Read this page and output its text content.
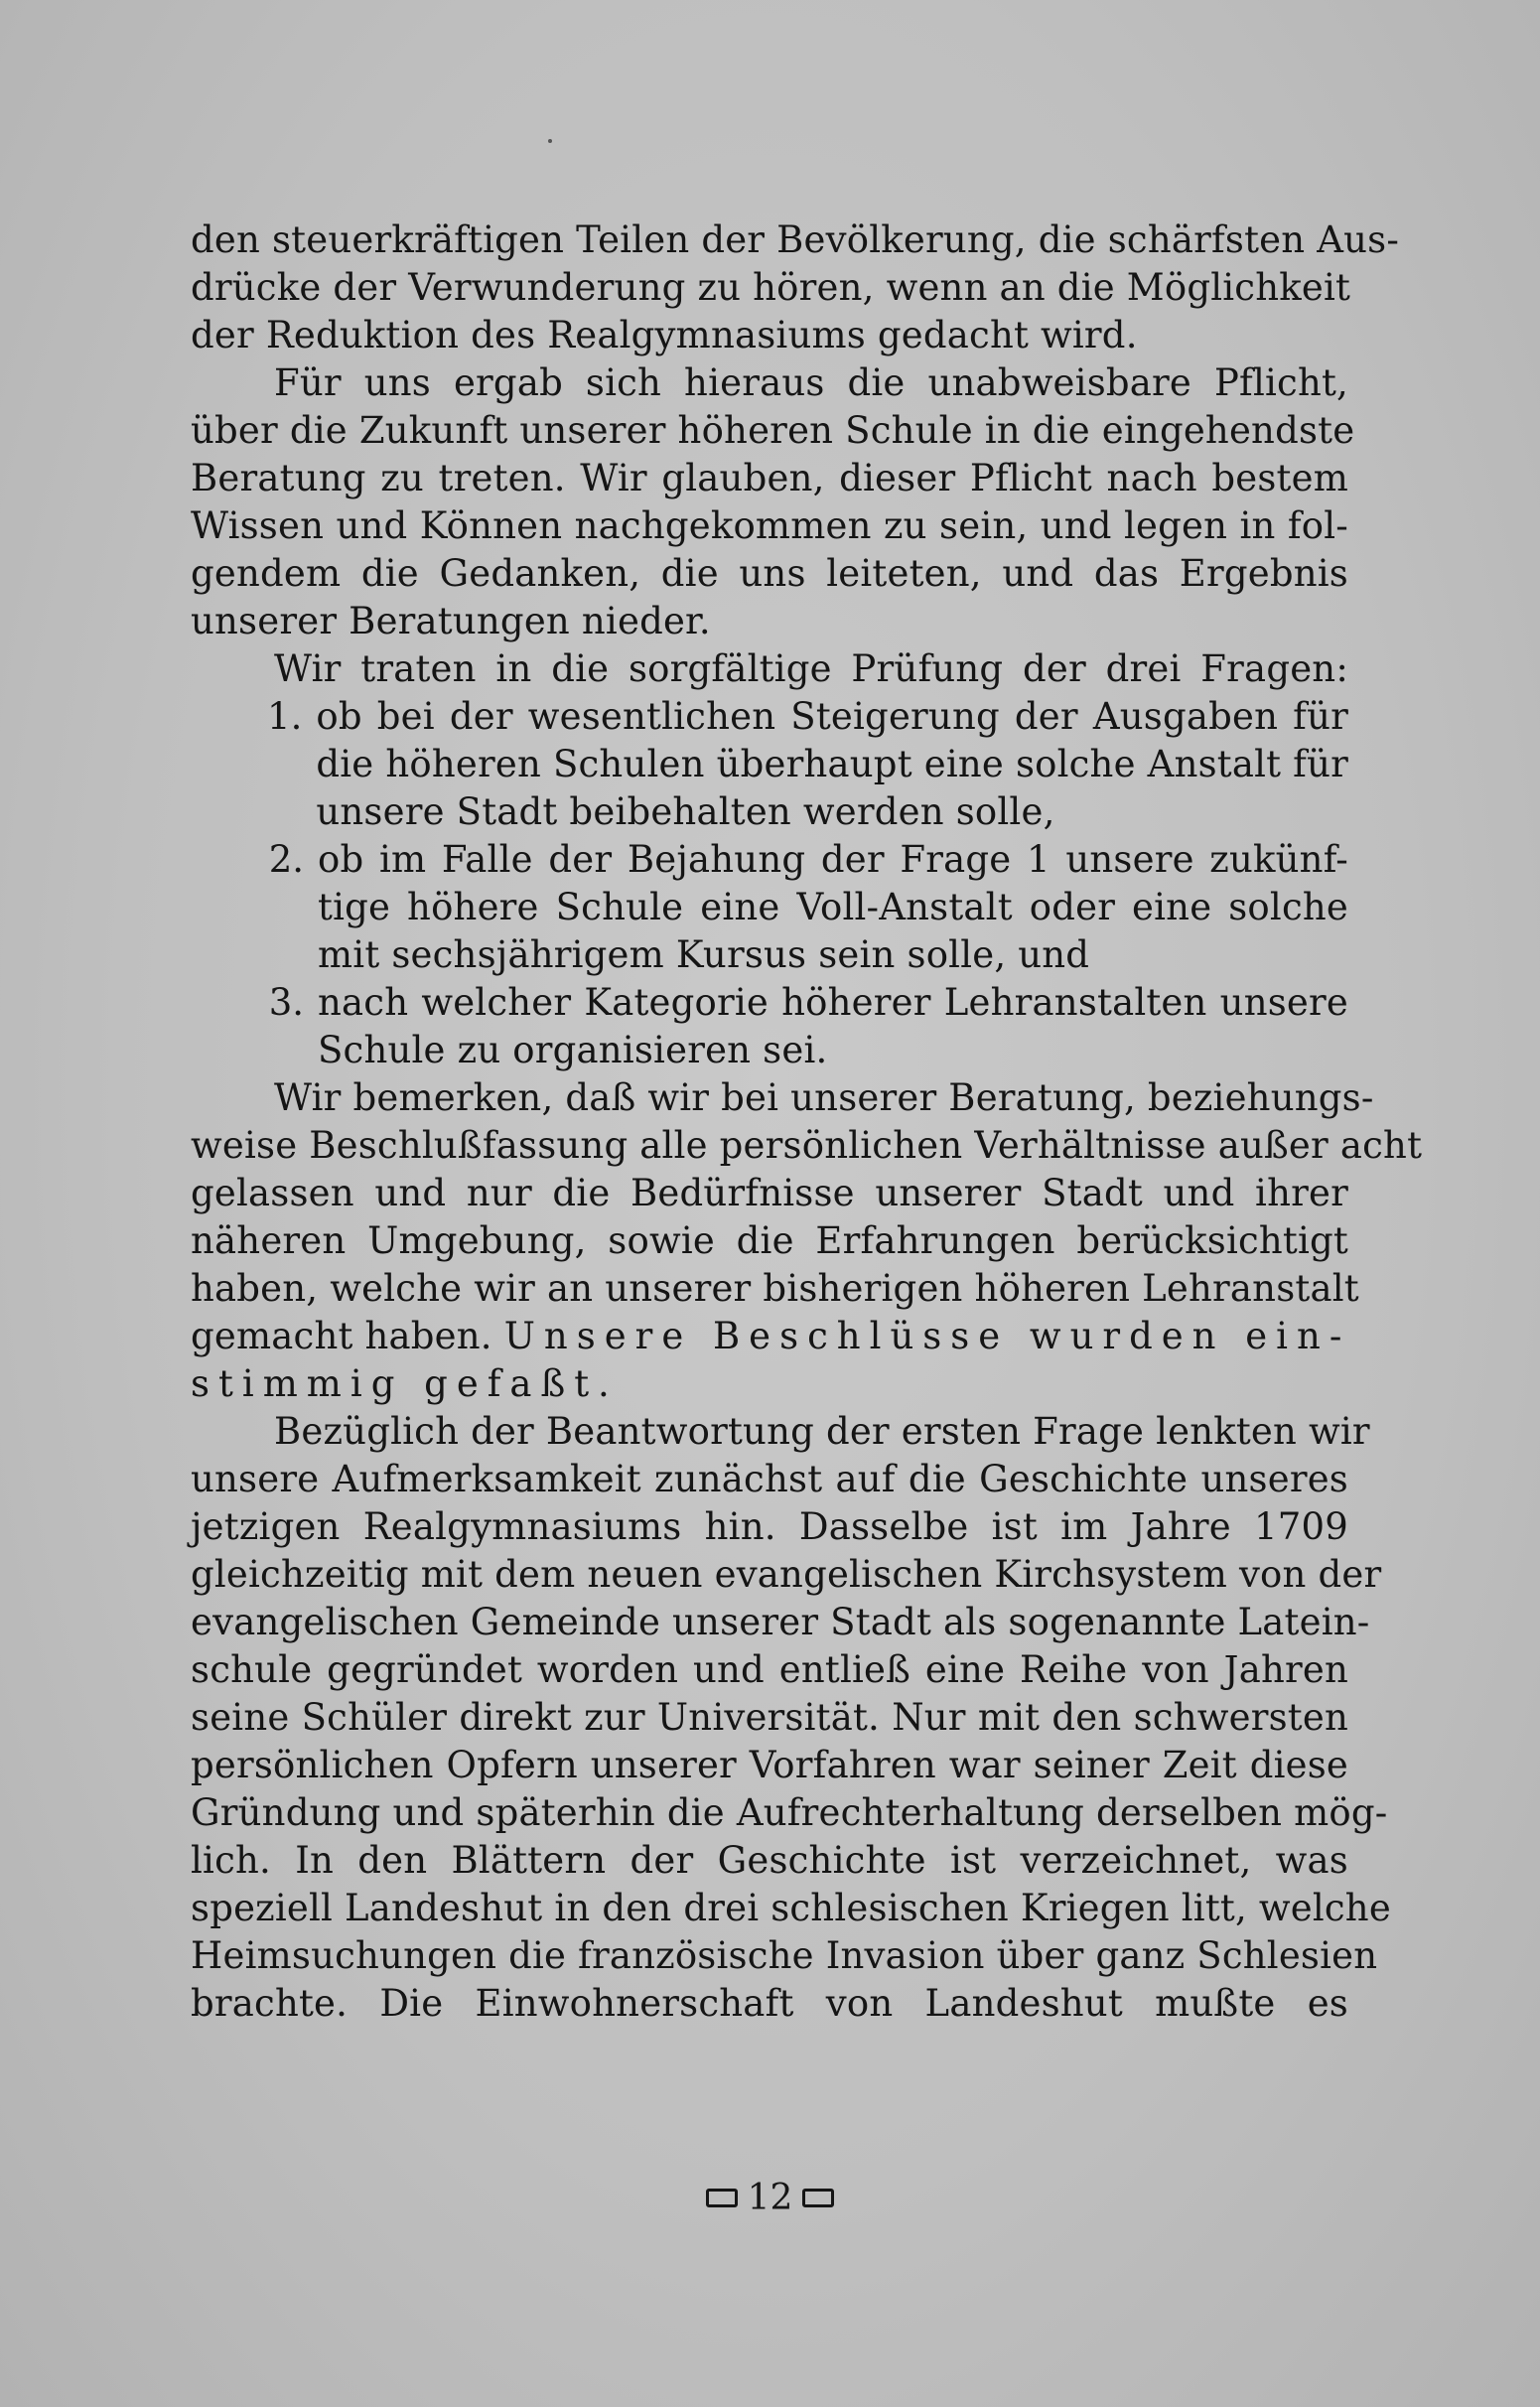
den steuerkräftigen Teilen der Bevölkerung, die schärfsten Aus-
drücke der Verwunderung zu hören, wenn an die Möglichkeit
der Reduktion des Realgymnasiums gedacht wird.
Für uns ergab sich hieraus die unabweisbare Pflicht,
über die Zukunft unserer höheren Schule in die eingehendste
Beratung zu treten. Wir glauben, dieser Pflicht nach bestem
Wissen und Können nachgekommen zu sein, und legen in fol-
gendem die Gedanken, die uns leiteten, und das Ergebnis
unserer Beratungen nieder.
Wir traten in die sorgfältige Prüfung der drei Fragen:
1. ob bei der wesentlichen Steigerung der Ausgaben für
die höheren Schulen überhaupt eine solche Anstalt für
unsere Stadt beibehalten werden solle,
2. ob im Falle der Bejahung der Frage 1 unsere zukünf-
tige höhere Schule eine Voll-Anstalt oder eine solche
mit sechsjährigem Kursus sein solle, und
3. nach welcher Kategorie höherer Lehranstalten unsere
Schule zu organisieren sei.
Wir bemerken, daß wir bei unserer Beratung, beziehungs-
weise Beschlußfassung alle persönlichen Verhältnisse außer acht
gelassen und nur die Bedürfnisse unserer Stadt und ihrer
näheren Umgebung, sowie die Erfahrungen berücksichtigt
haben, welche wir an unserer bisherigen höheren Lehranstalt
gemacht haben. Unsere Beschlüsse wurden ein-
stimmig gefaßt.
Bezüglich der Beantwortung der ersten Frage lenkten wir
unsere Aufmerksamkeit zunächst auf die Geschichte unseres
jetzigen Realgymnasiums hin. Dasselbe ist im Jahre 1709
gleichzeitig mit dem neuen evangelischen Kirchsystem von der
evangelischen Gemeinde unserer Stadt als sogenannte Latein-
schule gegründet worden und entließ eine Reihe von Jahren
seine Schüler direkt zur Universität. Nur mit den schwersten
persönlichen Opfern unserer Vorfahren war seiner Zeit diese
Gründung und späterhin die Aufrechterhaltung derselben mög-
lich. In den Blättern der Geschichte ist verzeichnet, was
speziell Landeshut in den drei schlesischen Kriegen litt, welche
Heimsuchungen die französische Invasion über ganz Schlesien
brachte. Die Einwohnerschaft von Landeshut mußte es
12
